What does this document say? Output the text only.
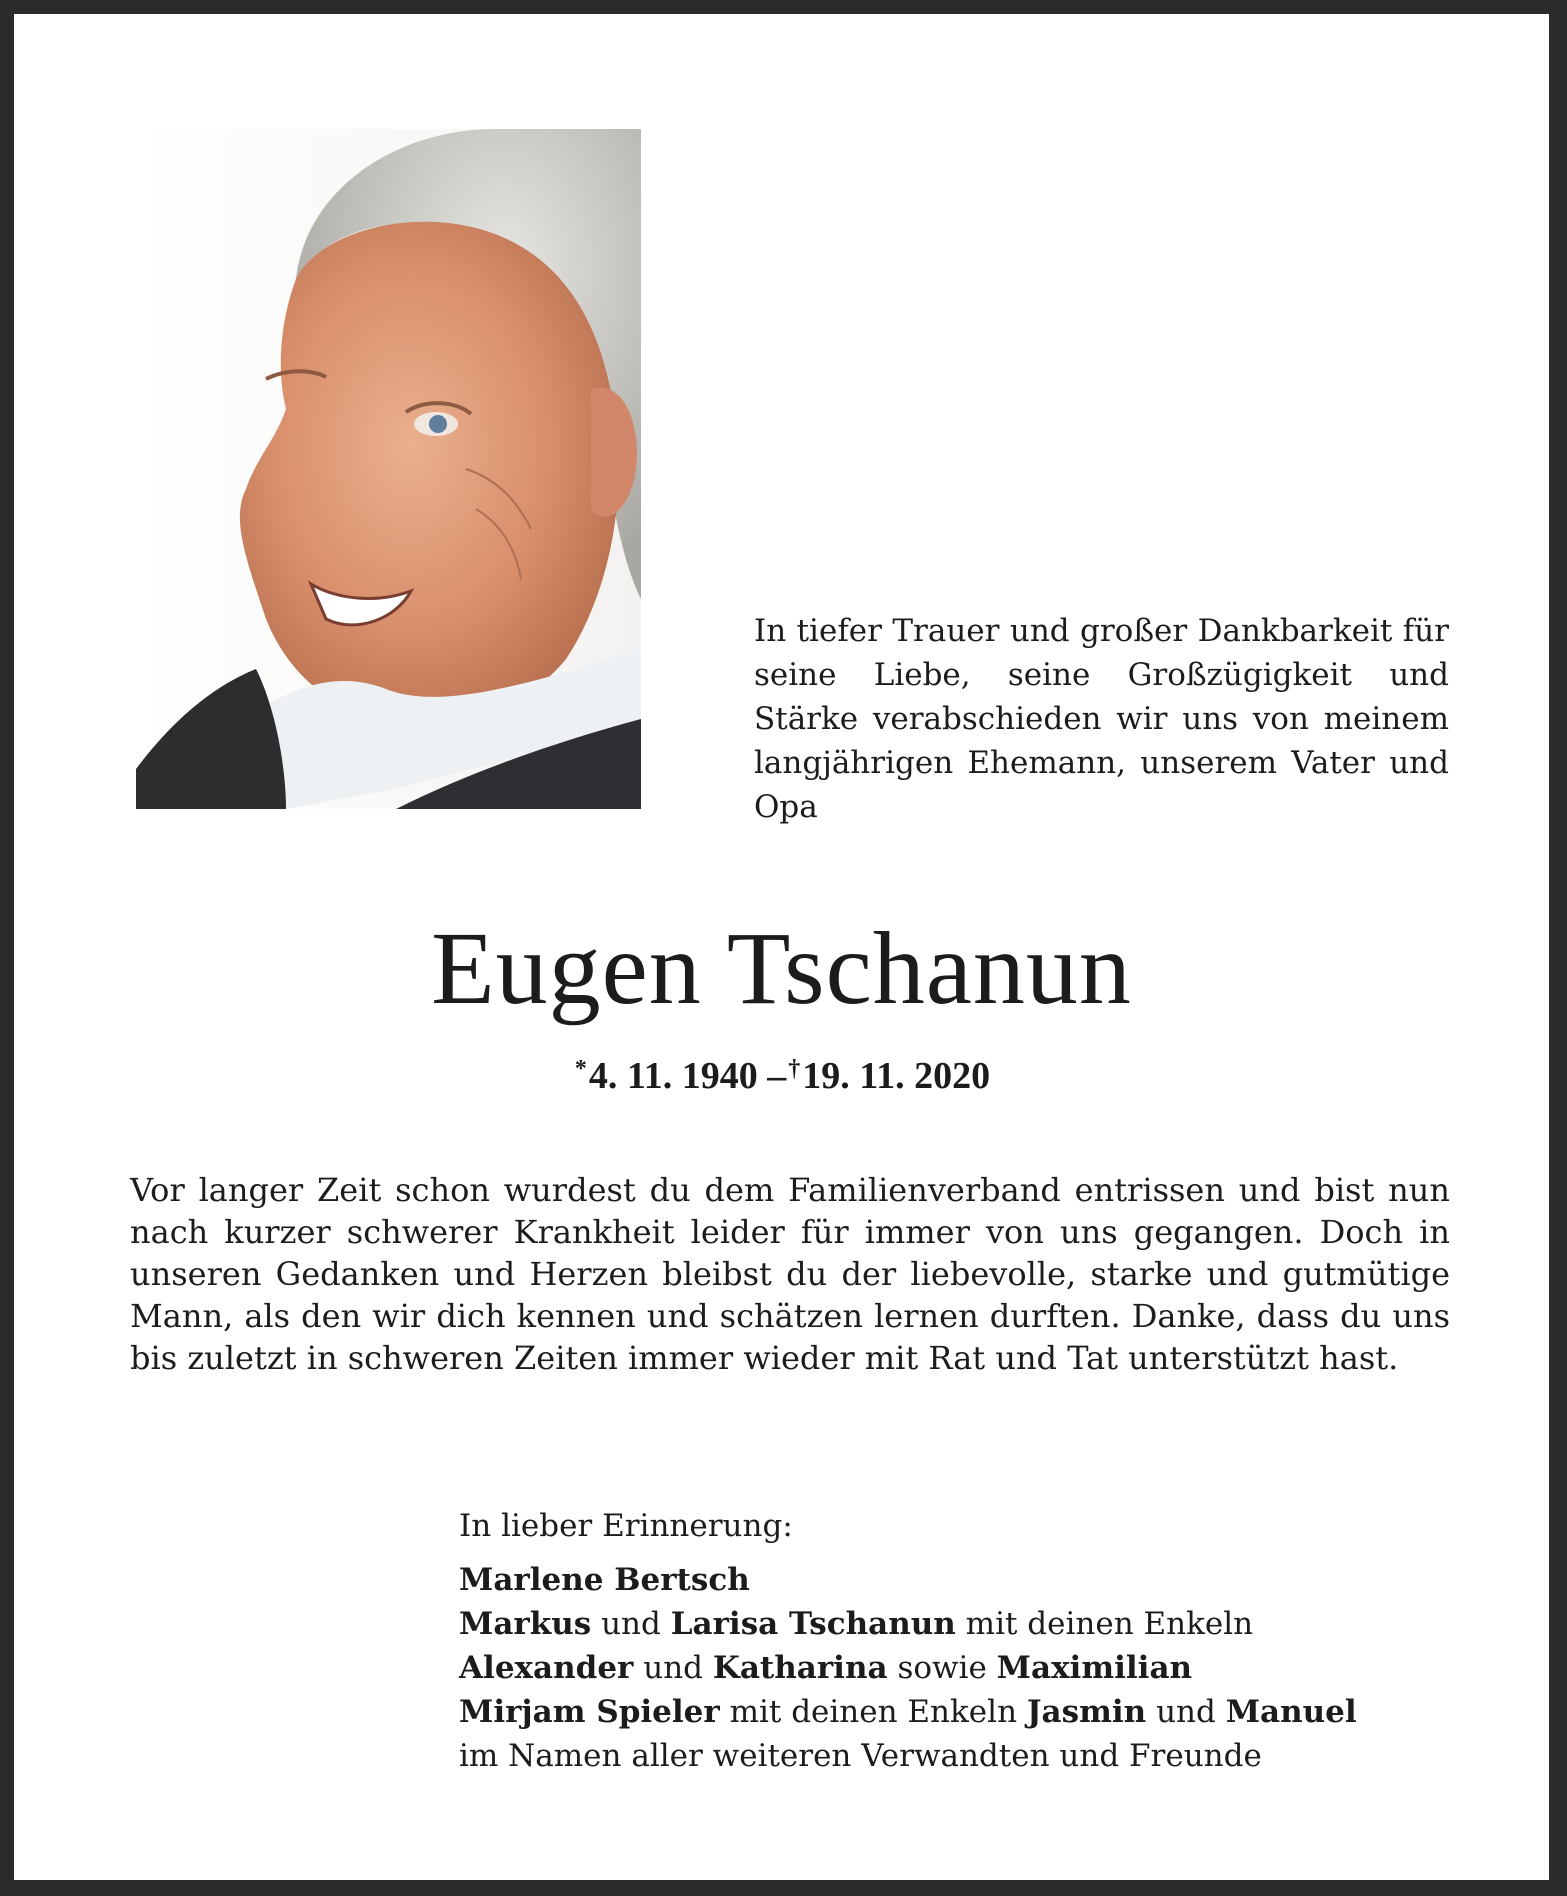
In tiefer Trauer und großer Dankbarkeit für seine Liebe, seine Großzügigkeit und Stärke verabschieden wir uns von meinem langjährigen Ehemann, unserem Vater und Opa
Eugen Tschanun
*4. 11. 1940 –†19. 11. 2020
Vor langer Zeit schon wurdest du dem Familienverband entrissen und bist nun nach kurzer schwerer Krankheit leider für immer von uns gegangen. Doch in unseren Gedanken und Herzen bleibst du der liebevolle, starke und gutmütige Mann, als den wir dich kennen und schätzen lernen durften. Danke, dass du uns bis zuletzt in schweren Zeiten immer wieder mit Rat und Tat unterstützt hast.
In lieber Erinnerung:
Marlene Bertsch
Markus und Larisa Tschanun mit deinen Enkeln
Alexander und Katharina sowie Maximilian
Mirjam Spieler mit deinen Enkeln Jasmin und Manuel
im Namen aller weiteren Verwandten und Freunde
